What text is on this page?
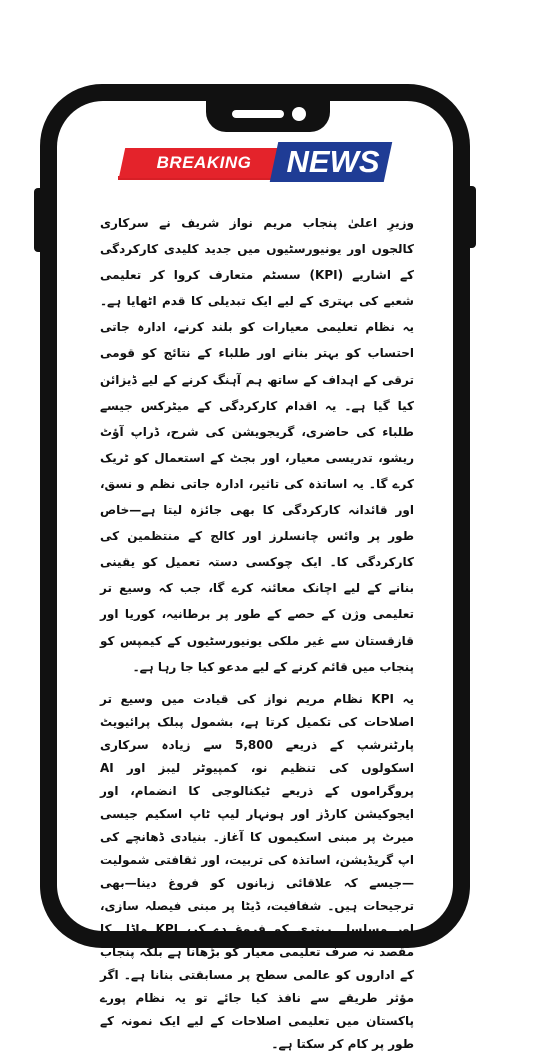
BREAKING	NEWS

وزیرِ اعلیٰ پنجاب مریم نواز شریف نے سرکاری کالجوں اور یونیورسٹیوں میں جدید کلیدی کارکردگی کے اشاریے (KPI) سسٹم متعارف کروا کر تعلیمی شعبے کی بہتری کے لیے ایک تبدیلی کا قدم اٹھایا ہے۔ یہ نظام تعلیمی معیارات کو بلند کرنے، ادارہ جاتی احتساب کو بہتر بنانے اور طلباء کے نتائج کو قومی ترقی کے اہداف کے ساتھ ہم آہنگ کرنے کے لیے ڈیزائن کیا گیا ہے۔ یہ اقدام کارکردگی کے میٹرکس جیسے طلباء کی حاضری، گریجویشن کی شرح، ڈراپ آؤٹ ریشو، تدریسی معیار، اور بجٹ کے استعمال کو ٹریک کرے گا۔ یہ اساتذہ کی تاثیر، ادارہ جاتی نظم و نسق، اور قائدانہ کارکردگی کا بھی جائزہ لیتا ہے—خاص طور پر وائس چانسلرز اور کالج کے منتظمین کی کارکردگی کا۔ ایک چوکسی دستہ تعمیل کو یقینی بنانے کے لیے اچانک معائنہ کرے گا، جب کہ وسیع تر تعلیمی وژن کے حصے کے طور پر برطانیہ، کوریا اور قازقستان سے غیر ملکی یونیورسٹیوں کے کیمپس کو پنجاب میں قائم کرنے کے لیے مدعو کیا جا رہا ہے۔

یہ KPI نظام مریم نواز کی قیادت میں وسیع تر اصلاحات کی تکمیل کرتا ہے، بشمول پبلک پرائیویٹ پارٹنرشپ کے ذریعے 5,800 سے زیادہ سرکاری اسکولوں کی تنظیم نو، کمپیوٹر لیبز اور AI پروگراموں کے ذریعے ٹیکنالوجی کا انضمام، اور ایجوکیشن کارڈز اور ہونہار لیپ ٹاپ اسکیم جیسی میرٹ پر مبنی اسکیموں کا آغاز۔ بنیادی ڈھانچے کی اپ گریڈیشن، اساتذہ کی تربیت، اور ثقافتی شمولیت—جیسے کہ علاقائی زبانوں کو فروغ دینا—بھی ترجیحات ہیں۔ شفافیت، ڈیٹا پر مبنی فیصلہ سازی، اور مسلسل بہتری کو فروغ دے کر، KPI ماڈل کا مقصد نہ صرف تعلیمی معیار کو بڑھانا ہے بلکہ پنجاب کے اداروں کو عالمی سطح پر مسابقتی بنانا ہے۔ اگر مؤثر طریقے سے نافذ کیا جائے تو یہ نظام پورے پاکستان میں تعلیمی اصلاحات کے لیے ایک نمونہ کے طور پر کام کر سکتا ہے۔
